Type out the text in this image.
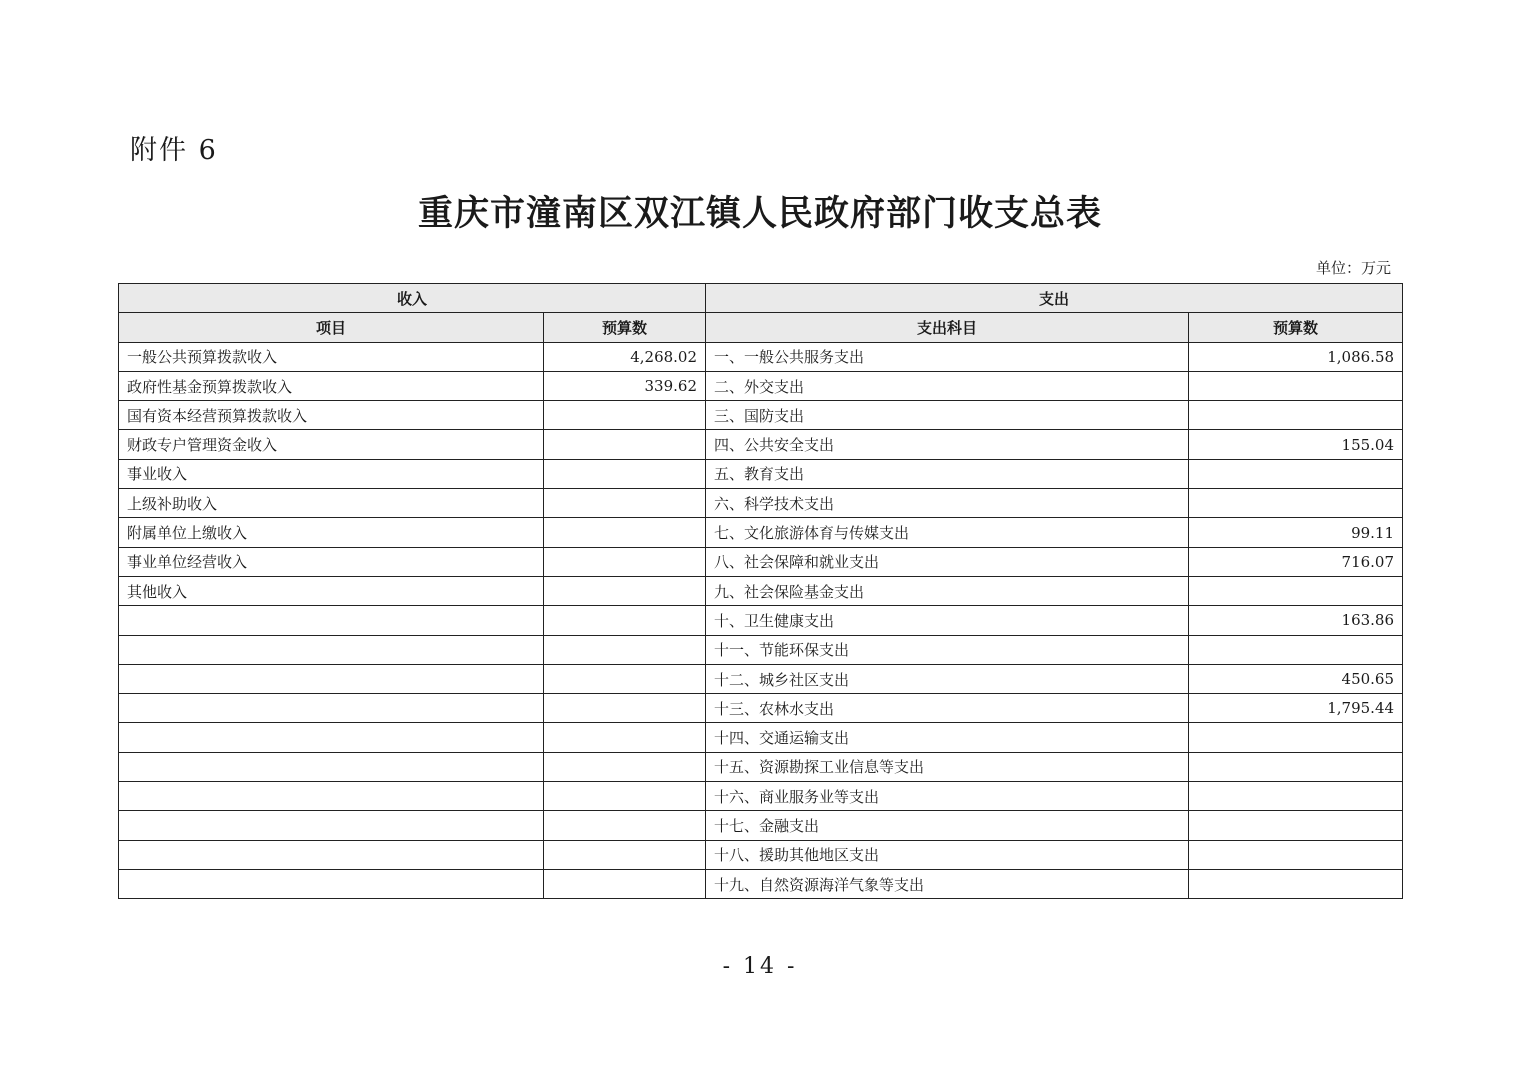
附件 6
重庆市潼南区双江镇人民政府部门收支总表
单位：万元
收入		支出	
项目	预算数	支出科目	预算数
一般公共预算拨款收入	4,268.02	一、一般公共服务支出	1,086.58
政府性基金预算拨款收入	339.62	二、外交支出	
国有资本经营预算拨款收入		三、国防支出	
财政专户管理资金收入		四、公共安全支出	155.04
事业收入		五、教育支出	
上级补助收入		六、科学技术支出	
附属单位上缴收入		七、文化旅游体育与传媒支出	99.11
事业单位经营收入		八、社会保障和就业支出	716.07
其他收入		九、社会保险基金支出	
		十、卫生健康支出	163.86
		十一、节能环保支出	
		十二、城乡社区支出	450.65
		十三、农林水支出	1,795.44
		十四、交通运输支出	
		十五、资源勘探工业信息等支出	
		十六、商业服务业等支出	
		十七、金融支出	
		十八、援助其他地区支出	
		十九、自然资源海洋气象等支出	
- 14 -
